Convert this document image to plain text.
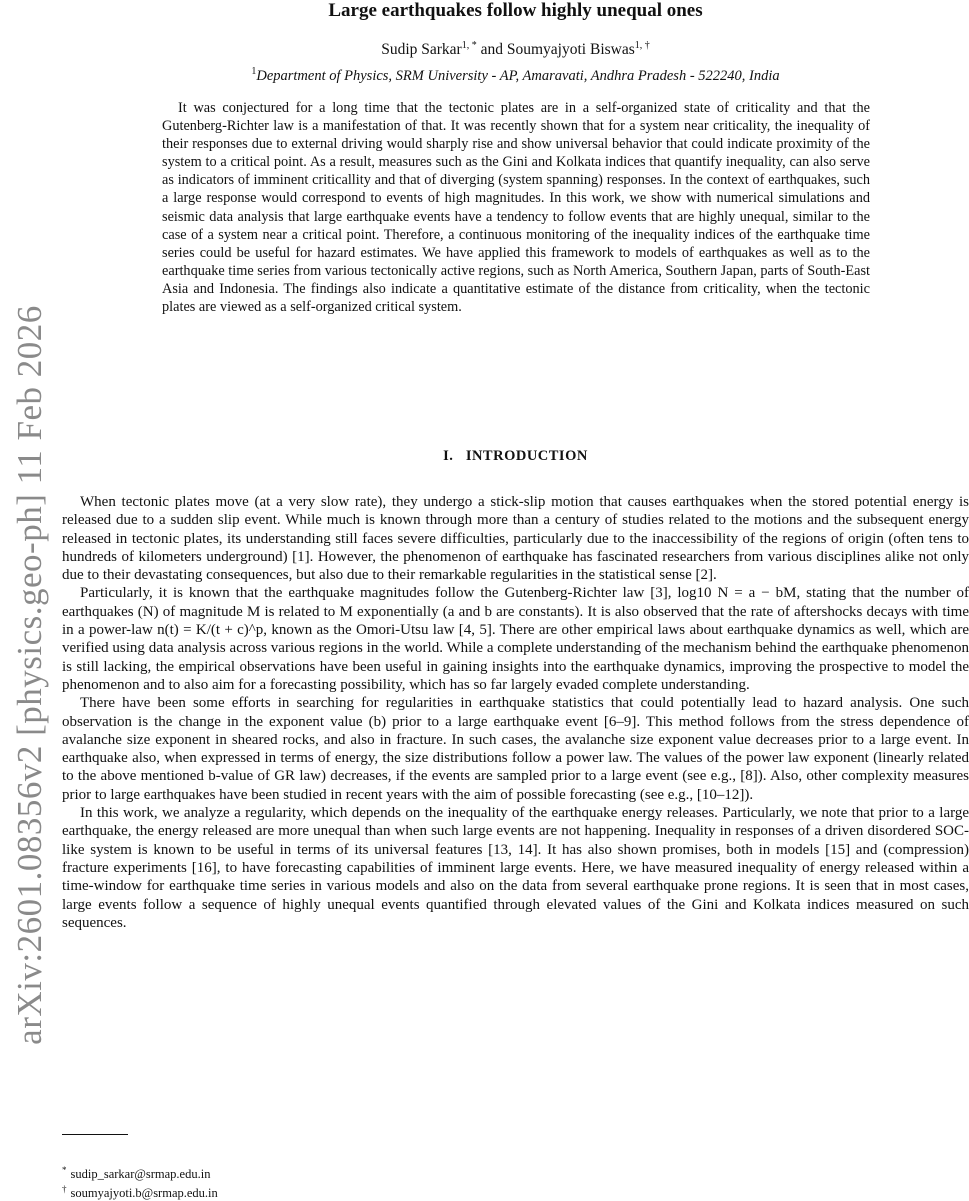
arXiv:2601.08356v2 [physics.geo-ph] 11 Feb 2026
Large earthquakes follow highly unequal ones
Sudip Sarkar$^{1, *}$ and Soumyajyoti Biswas$^{1, \dagger}$
$^1$Department of Physics, SRM University - AP, Amaravati, Andhra Pradesh - 522240, India

It was conjectured for a long time that the tectonic plates are in a self-organized state of criticality and that the Gutenberg-Richter law is a manifestation of that. It was recently shown that for a system near criticality, the inequality of their responses due to external driving would sharply rise and show universal behavior that could indicate proximity of the system to a critical point. As a result, measures such as the Gini and Kolkata indices that quantify inequality, can also serve as indicators of imminent criticallity and that of diverging (system spanning) responses. In the context of earthquakes, such a large response would correspond to events of high magnitudes. In this work, we show with numerical simulations and seismic data analysis that large earthquake events have a tendency to follow events that are highly unequal, similar to the case of a system near a critical point. Therefore, a continuous monitoring of the inequality indices of the earthquake time series could be useful for hazard estimates. We have applied this framework to models of earthquakes as well as to the earthquake time series from various tectonically active regions, such as North America, Southern Japan, parts of South-East Asia and Indonesia. The findings also indicate a quantitative estimate of the distance from criticality, when the tectonic plates are viewed as a self-organized critical system.

I. INTRODUCTION

When tectonic plates move (at a very slow rate), they undergo a stick-slip motion that causes earthquakes when the stored potential energy is released due to a sudden slip event. While much is known through more than a century of studies related to the motions and the subsequent energy released in tectonic plates, its understanding still faces severe difficulties, particularly due to the inaccessibility of the regions of origin (often tens to hundreds of kilometers underground) [1]. However, the phenomenon of earthquake has fascinated researchers from various disciplines alike not only due to their devastating consequences, but also due to their remarkable regularities in the statistical sense [2].

Particularly, it is known that the earthquake magnitudes follow the Gutenberg-Richter law [3], log10 N = a − bM, stating that the number of earthquakes (N) of magnitude M is related to M exponentially (a and b are constants). It is also observed that the rate of aftershocks decays with time in a power-law n(t) = K/(t + c)^p, known as the Omori-Utsu law [4, 5]. There are other empirical laws about earthquake dynamics as well, which are verified using data analysis across various regions in the world. While a complete understanding of the mechanism behind the earthquake phenomenon is still lacking, the empirical observations have been useful in gaining insights into the earthquake dynamics, improving the prospective to model the phenomenon and to also aim for a forecasting possibility, which has so far largely evaded complete understanding.

There have been some efforts in searching for regularities in earthquake statistics that could potentially lead to hazard analysis. One such observation is the change in the exponent value (b) prior to a large earthquake event [6–9]. This method follows from the stress dependence of avalanche size exponent in sheared rocks, and also in fracture. In such cases, the avalanche size exponent value decreases prior to a large event. In earthquake also, when expressed in terms of energy, the size distributions follow a power law. The values of the power law exponent (linearly related to the above mentioned b-value of GR law) decreases, if the events are sampled prior to a large event (see e.g., [8]). Also, other complexity measures prior to large earthquakes have been studied in recent years with the aim of possible forecasting (see e.g., [10–12]).

In this work, we analyze a regularity, which depends on the inequality of the earthquake energy releases. Particularly, we note that prior to a large earthquake, the energy released are more unequal than when such large events are not happening. Inequality in responses of a driven disordered SOC-like system is known to be useful in terms of its universal features [13, 14]. It has also shown promises, both in models [15] and (compression) fracture experiments [16], to have forecasting capabilities of imminent large events. Here, we have measured inequality of energy released within a time-window for earthquake time series in various models and also on the data from several earthquake prone regions. It is seen that in most cases, large events follow a sequence of highly unequal events quantified through elevated values of the Gini and Kolkata indices measured on such sequences.

* sudip_sarkar@srmap.edu.in
† soumyajyoti.b@srmap.edu.in
